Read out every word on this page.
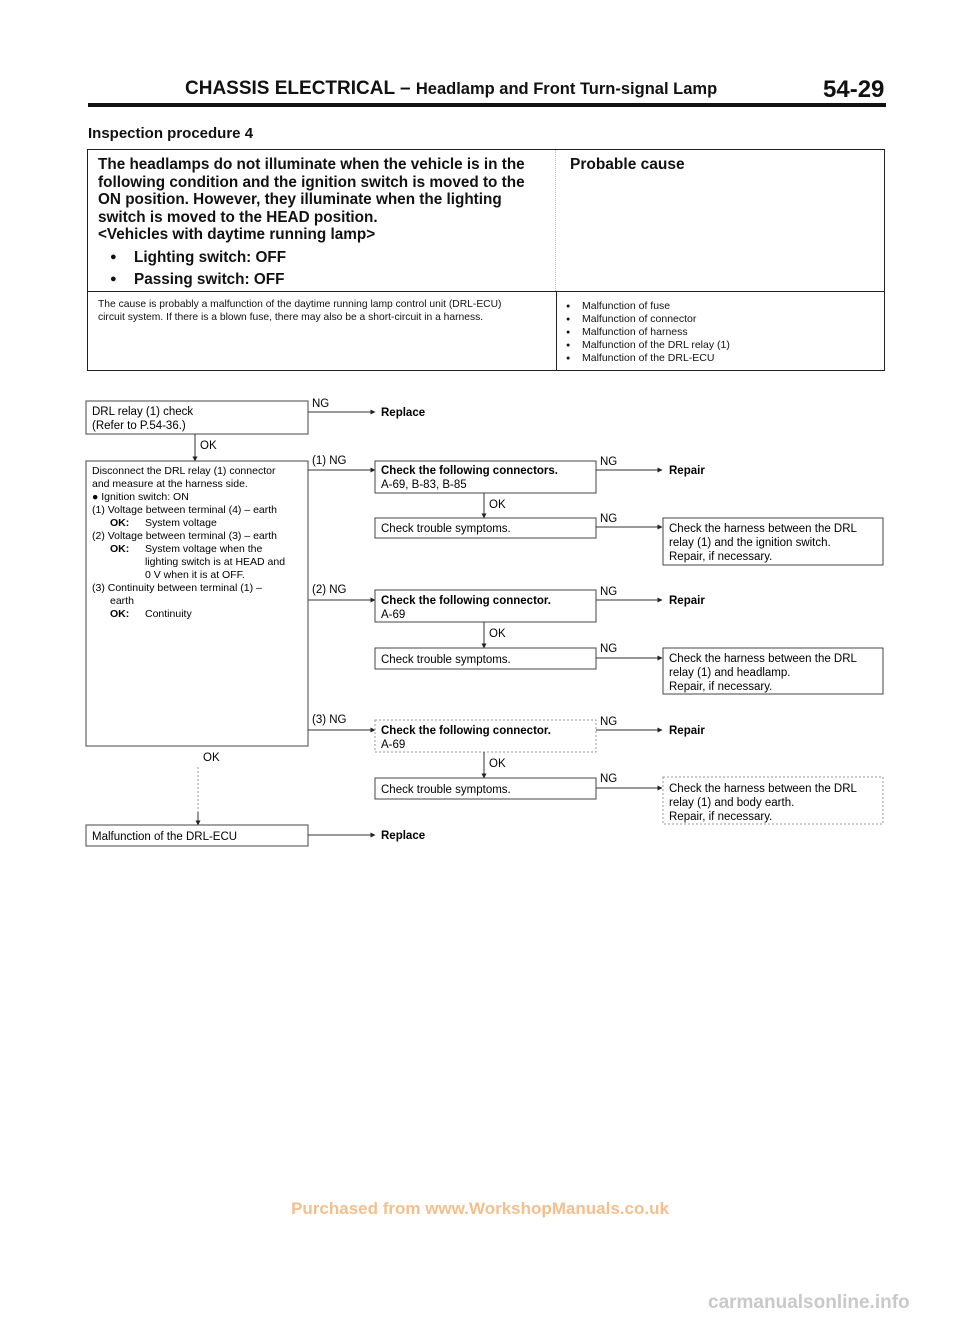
CHASSIS ELECTRICAL – Headlamp and Front Turn-signal Lamp	54-29
Inspection procedure 4

The headlamps do not illuminate when the vehicle is in the

following condition and the ignition switch is moved to the

ON position. However, they illuminate when the lighting

switch is moved to the HEAD position.

<Vehicles with daytime running lamp>

● Lighting switch: OFF

● Passing switch: OFF

Probable cause
The cause is probably a malfunction of the daytime running lamp control unit (DRL-ECU)
circuit system. If there is a blown fuse, there may also be a short-circuit in a harness.
● Malfunction of fuse
● Malfunction of connector
● Malfunction of harness
● Malfunction of the DRL relay (1)
● Malfunction of the DRL-ECU
DRL relay (1) check
(Refer to P.54-36.)
NG
Replace
OK
Disconnect the DRL relay (1) connector
and measure at the harness side.
● Ignition switch: ON
(1) Voltage between terminal (4) – earth
OK: System voltage
(2) Voltage between terminal (3) – earth
OK: System voltage when the
lighting switch is at HEAD and
0 V when it is at OFF.
(3) Continuity between terminal (1) –
earth
OK: Continuity
(1) NG
Check the following connectors.
A-69, B-83, B-85
NG
Repair
OK
Check trouble symptoms.
NG
Check the harness between the DRL
relay (1) and the ignition switch.
Repair, if necessary.
(2) NG
Check the following connector.
A-69
NG
Repair
OK
Check trouble symptoms.
NG
Check the harness between the DRL
relay (1) and headlamp.
Repair, if necessary.
(3) NG
Check the following connector.
A-69
NG
Repair
OK
Check trouble symptoms.
NG
Check the harness between the DRL
relay (1) and body earth.
Repair, if necessary.
OK
Malfunction of the DRL-ECU	Replace
Purchased from www.WorkshopManuals.co.uk
carmanualsonline.info
